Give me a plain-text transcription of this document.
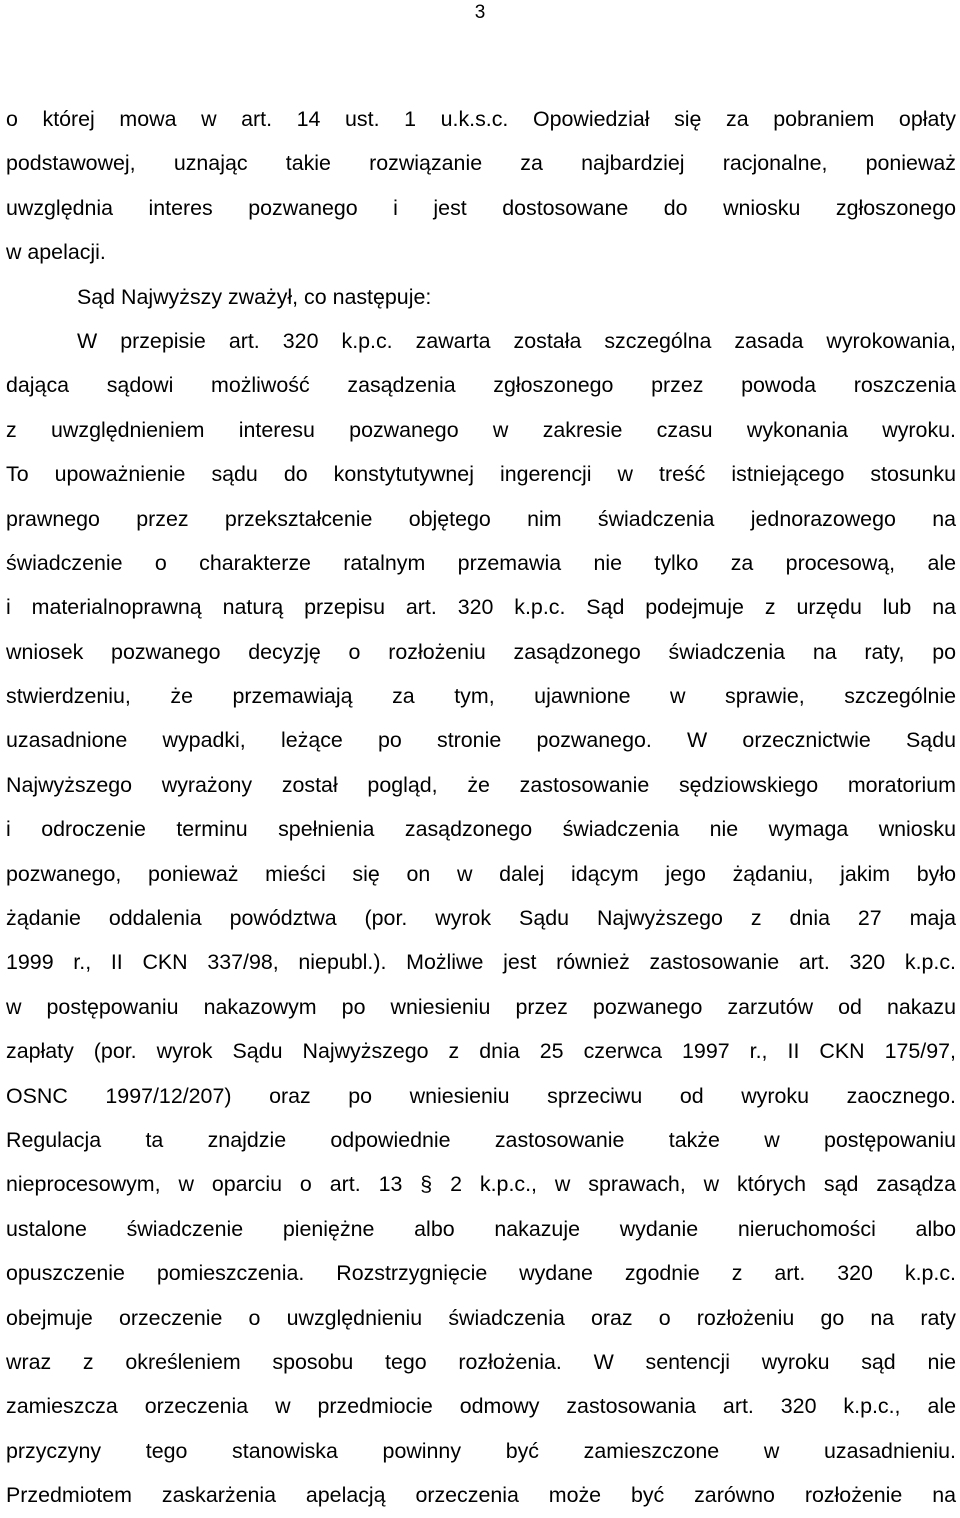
3
o której mowa w art. 14 ust. 1 u.k.s.c. Opowiedział się za pobraniem opłaty
podstawowej, uznając takie rozwiązanie za najbardziej racjonalne, ponieważ
uwzględnia interes pozwanego i jest dostosowane do wniosku zgłoszonego
w apelacji.
Sąd Najwyższy zważył, co następuje:
W przepisie art. 320 k.p.c. zawarta została szczególna zasada wyrokowania,
dająca sądowi możliwość zasądzenia zgłoszonego przez powoda roszczenia
z uwzględnieniem interesu pozwanego w zakresie czasu wykonania wyroku.
To upoważnienie sądu do konstytutywnej ingerencji w treść istniejącego stosunku
prawnego przez przekształcenie objętego nim świadczenia jednorazowego na
świadczenie o charakterze ratalnym przemawia nie tylko za procesową, ale
i materialnoprawną naturą przepisu art. 320 k.p.c. Sąd podejmuje z urzędu lub na
wniosek pozwanego decyzję o rozłożeniu zasądzonego świadczenia na raty, po
stwierdzeniu, że przemawiają za tym, ujawnione w sprawie, szczególnie
uzasadnione wypadki, leżące po stronie pozwanego. W orzecznictwie Sądu
Najwyższego wyrażony został pogląd, że zastosowanie sędziowskiego moratorium
i odroczenie terminu spełnienia zasądzonego świadczenia nie wymaga wniosku
pozwanego, ponieważ mieści się on w dalej idącym jego żądaniu, jakim było
żądanie oddalenia powództwa (por. wyrok Sądu Najwyższego z dnia 27 maja
1999 r., II CKN 337/98, niepubl.). Możliwe jest również zastosowanie art. 320 k.p.c.
w postępowaniu nakazowym po wniesieniu przez pozwanego zarzutów od nakazu
zapłaty (por. wyrok Sądu Najwyższego z dnia 25 czerwca 1997 r., II CKN 175/97,
OSNC 1997/12/207) oraz po wniesieniu sprzeciwu od wyroku zaocznego.
Regulacja ta znajdzie odpowiednie zastosowanie także w postępowaniu
nieprocesowym, w oparciu o art. 13 § 2 k.p.c., w sprawach, w których sąd zasądza
ustalone świadczenie pieniężne albo nakazuje wydanie nieruchomości albo
opuszczenie pomieszczenia. Rozstrzygnięcie wydane zgodnie z art. 320 k.p.c.
obejmuje orzeczenie o uwzględnieniu świadczenia oraz o rozłożeniu go na raty
wraz z określeniem sposobu tego rozłożenia. W sentencji wyroku sąd nie
zamieszcza orzeczenia w przedmiocie odmowy zastosowania art. 320 k.p.c., ale
przyczyny tego stanowiska powinny być zamieszczone w uzasadnieniu.
Przedmiotem zaskarżenia apelacją orzeczenia może być zarówno rozłożenie na
